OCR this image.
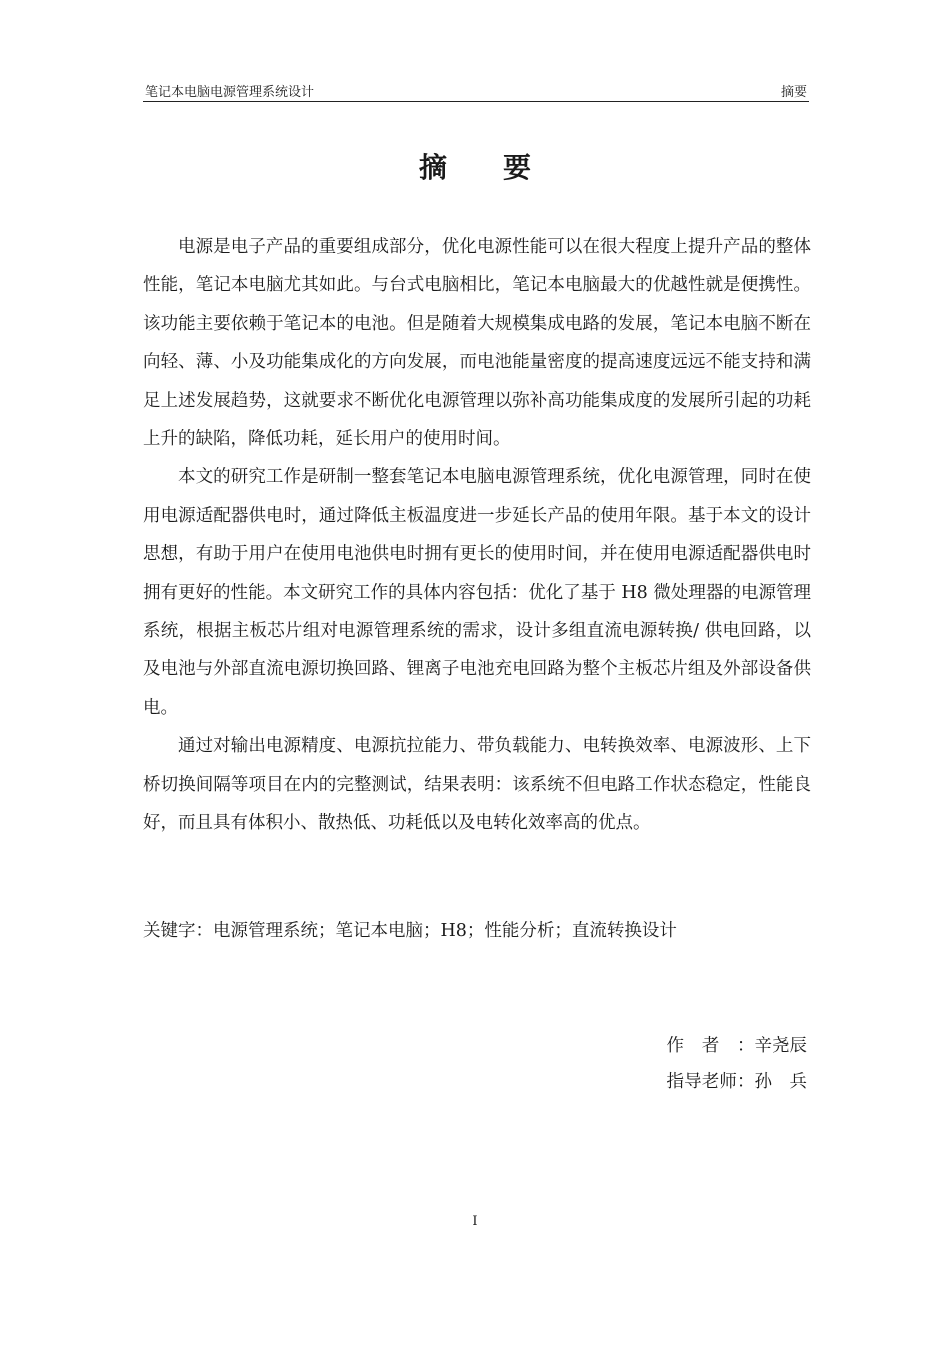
笔记本电脑电源管理系统设计	摘要
摘要

电源是电子产品的重要组成部分，优化电源性能可以在很大程度上提升产品的整体性能，笔记本电脑尤其如此。与台式电脑相比，笔记本电脑最大的优越性就是便携性。该功能主要依赖于笔记本的电池。但是随着大规模集成电路的发展，笔记本电脑不断在向轻、薄、小及功能集成化的方向发展，而电池能量密度的提高速度远远不能支持和满足上述发展趋势，这就要求不断优化电源管理以弥补高功能集成度的发展所引起的功耗上升的缺陷，降低功耗，延长用户的使用时间。

本文的研究工作是研制一整套笔记本电脑电源管理系统，优化电源管理，同时在使用电源适配器供电时，通过降低主板温度进一步延长产品的使用年限。基于本文的设计思想，有助于用户在使用电池供电时拥有更长的使用时间，并在使用电源适配器供电时拥有更好的性能。本文研究工作的具体内容包括：优化了基于 H8 微处理器的电源管理系统，根据主板芯片组对电源管理系统的需求，设计多组直流电源转换/ 供电回路，以及电池与外部直流电源切换回路、锂离子电池充电回路为整个主板芯片组及外部设备供电。

通过对输出电源精度、电源抗拉能力、带负载能力、电转换效率、电源波形、上下桥切换间隔等项目在内的完整测试，结果表明：该系统不但电路工作状态稳定，性能良好，而且具有体积小、散热低、功耗低以及电转化效率高的优点。

关键字：电源管理系统；笔记本电脑；H8；性能分析；直流转换设计
作者： 辛尧辰
指导老师： 孙　兵
I
